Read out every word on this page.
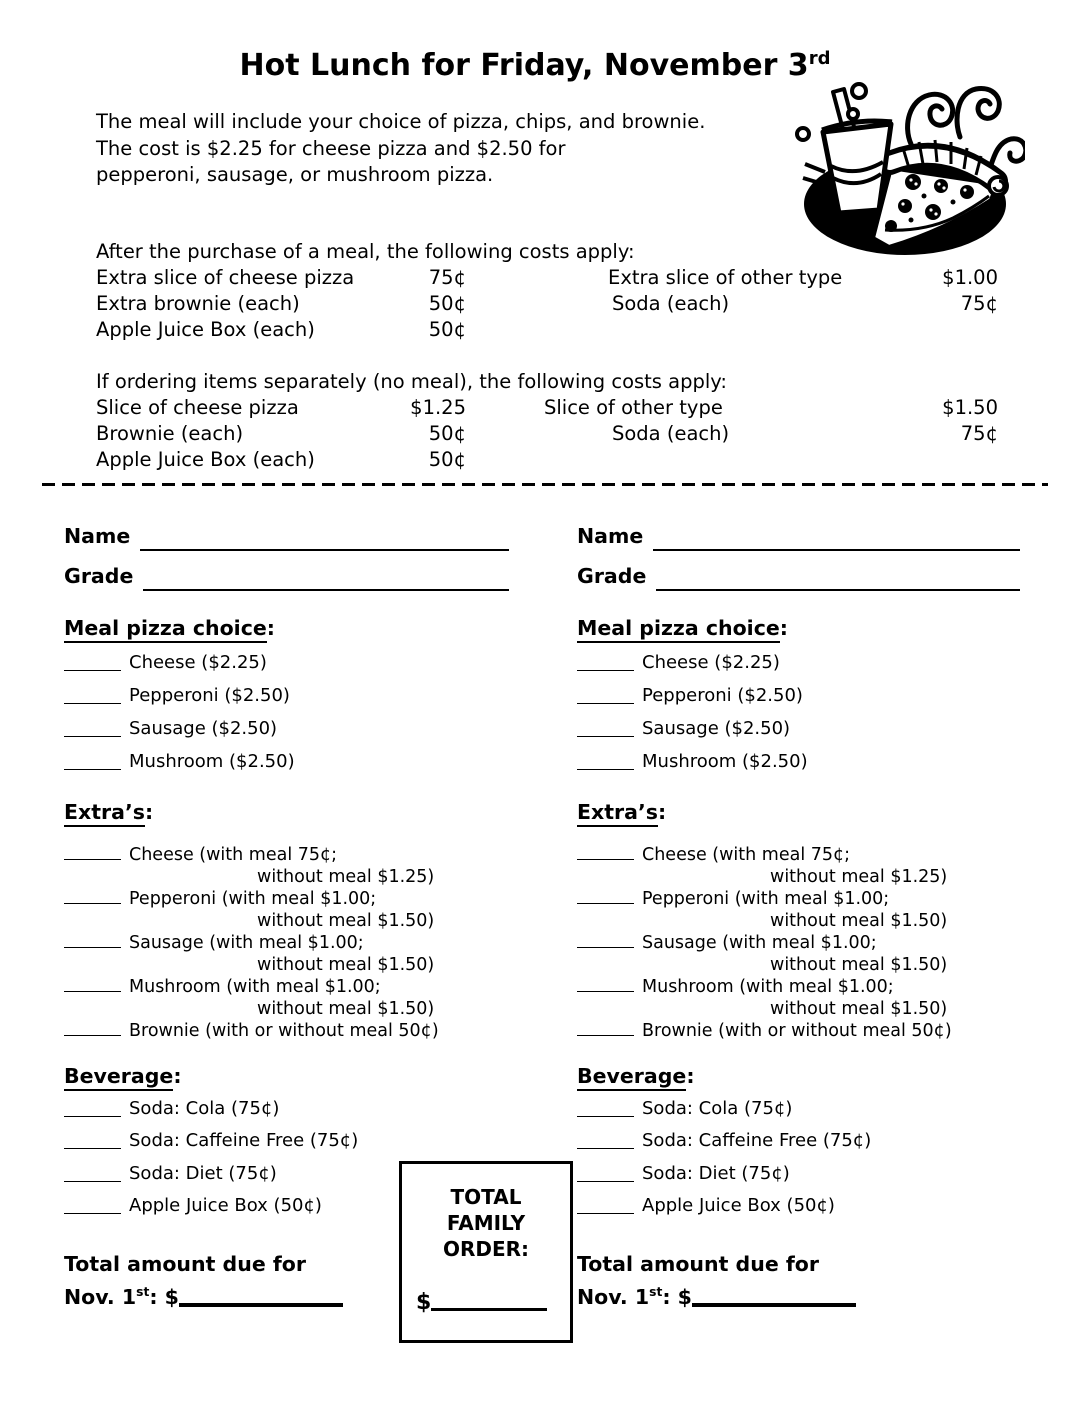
Hot Lunch for Friday, November 3rd
The meal will include your choice of pizza, chips, and brownie.
The cost is $2.25 for cheese pizza and $2.50 for
pepperoni, sausage, or mushroom pizza.
After the purchase of a meal, the following costs apply:
Extra slice of cheese pizza	75¢	Extra slice of other type	$1.00
Extra brownie (each)	50¢	Soda (each)	75¢
Apple Juice Box (each)	50¢
If ordering items separately (no meal), the following costs apply:
Slice of cheese pizza	$1.25	Slice of other type	$1.50
Brownie (each)	50¢	Soda (each)	75¢
Apple Juice Box (each)	50¢
Name
Grade
Meal pizza choice:
Cheese ($2.25)
Pepperoni ($2.50)
Sausage ($2.50)
Mushroom ($2.50)
Extra’s:
Cheese (with meal 75¢;
without meal $1.25)
Pepperoni (with meal $1.00;
without meal $1.50)
Sausage (with meal $1.00;
without meal $1.50)
Mushroom (with meal $1.00;
without meal $1.50)
Brownie (with or without meal 50¢)
Beverage:
Soda: Cola (75¢)
Soda: Caffeine Free (75¢)
Soda: Diet (75¢)
Apple Juice Box (50¢)
Total amount due for
Nov. 1st: $
Name
Grade
Meal pizza choice:
Cheese ($2.25)
Pepperoni ($2.50)
Sausage ($2.50)
Mushroom ($2.50)
Extra’s:
Cheese (with meal 75¢;
without meal $1.25)
Pepperoni (with meal $1.00;
without meal $1.50)
Sausage (with meal $1.00;
without meal $1.50)
Mushroom (with meal $1.00;
without meal $1.50)
Brownie (with or without meal 50¢)
Beverage:
Soda: Cola (75¢)
Soda: Caffeine Free (75¢)
Soda: Diet (75¢)
Apple Juice Box (50¢)
Total amount due for
Nov. 1st: $
TOTAL
FAMILY
ORDER:
$
